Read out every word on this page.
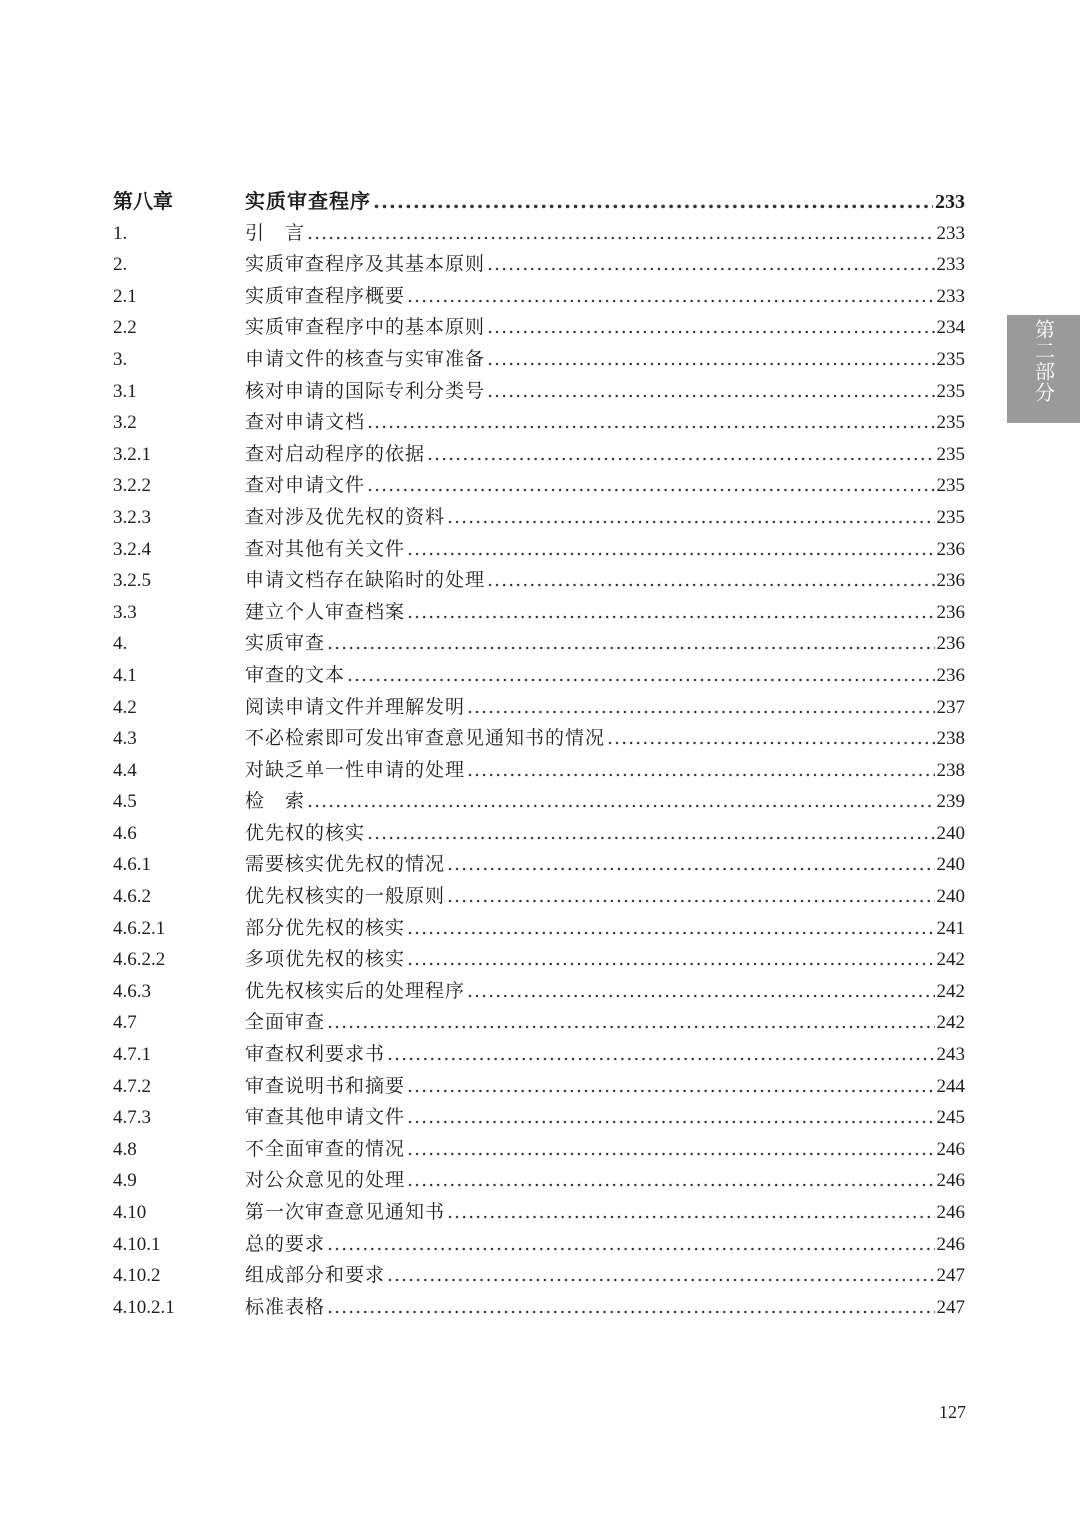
第八章	实质审查程序 .....	233
1.	引　言 .....	233
2.	实质审查程序及其基本原则 .....	233
2.1	实质审查程序概要 .....	233
2.2	实质审查程序中的基本原则 .....	234
3.	申请文件的核查与实审准备 .....	235
3.1	核对申请的国际专利分类号 .....	235
3.2	查对申请文档 .....	235
3.2.1	查对启动程序的依据 .....	235
3.2.2	查对申请文件 .....	235
3.2.3	查对涉及优先权的资料 .....	235
3.2.4	查对其他有关文件 .....	236
3.2.5	申请文档存在缺陷时的处理 .....	236
3.3	建立个人审查档案 .....	236
4.	实质审查 .....	236
4.1	审查的文本 .....	236
4.2	阅读申请文件并理解发明 .....	237
4.3	不必检索即可发出审查意见通知书的情况 .....	238
4.4	对缺乏单一性申请的处理 .....	238
4.5	检　索 .....	239
4.6	优先权的核实 .....	240
4.6.1	需要核实优先权的情况 .....	240
4.6.2	优先权核实的一般原则 .....	240
4.6.2.1	部分优先权的核实 .....	241
4.6.2.2	多项优先权的核实 .....	242
4.6.3	优先权核实后的处理程序 .....	242
4.7	全面审查 .....	242
4.7.1	审查权利要求书 .....	243
4.7.2	审查说明书和摘要 .....	244
4.7.3	审查其他申请文件 .....	245
4.8	不全面审查的情况 .....	246
4.9	对公众意见的处理 .....	246
4.10	第一次审查意见通知书 .....	246
4.10.1	总的要求 .....	246
4.10.2	组成部分和要求 .....	247
4.10.2.1	标准表格 .....	247
第二部分
127
